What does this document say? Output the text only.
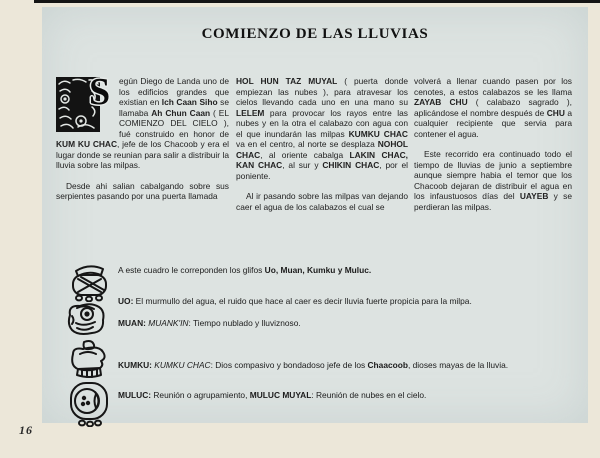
COMIENZO DE LAS LLUVIAS
S egún Diego de Landa uno de los edificios grandes que existian en Ich Caan Siho se llamaba Ah Chun Caan ( EL COMIENZO DEL CIELO ), fué construido en honor de KUM KU CHAC, jefe de los Chacoob y era el lugar donde se reunian para salir a distribuir la lluvia sobre las milpas.
Desde ahi salian cabalgando sobre sus serpientes pasando por una puerta llamada
HOL HUN TAZ MUYAL ( puerta donde empiezan las nubes ), para atravesar los cielos llevando cada uno en una mano su LELEM para provocar los rayos entre las nubes y en la otra el calabazo con agua con el que inundarán las milpas KUMKU CHAC va en el centro, al norte se desplaza NOHOL CHAC, al oriente cabalga LAKIN CHAC, KAN CHAC, al sur y CHIKIN CHAC, por el poniente.
Al ir pasando sobre las milpas van dejando caer el agua de los calabazos el cual se
volverá a llenar cuando pasen por los cenotes, a estos calabazos se les llama ZAYAB CHU ( calabazo sagrado ), aplicándose el nombre después de CHU a cualquier recipiente que servia para contener el agua.
Este recorrido era continuado todo el tiempo de lluvias de junio a septiembre aunque siempre habia el temor que los Chacoob dejaran de distribuir el agua en los infaustuosos días del UAYEB y se perdieran las milpas.
A este cuadro le correponden los glifos Uo, Muan, Kumku y Muluc.
UO: El murmullo del agua, el ruido que hace al caer es decir lluvia fuerte propicia para la milpa.
MUAN: MUANK'IN: Tiempo nublado y lluviznoso.
KUMKU: KUMKU CHAC: Dios compasivo y bondadoso jefe de los Chaacoob, dioses mayas de la lluvia.
MULUC: Reunión o agrupamiento, MULUC MUYAL: Reunión de nubes en el cielo.
16
